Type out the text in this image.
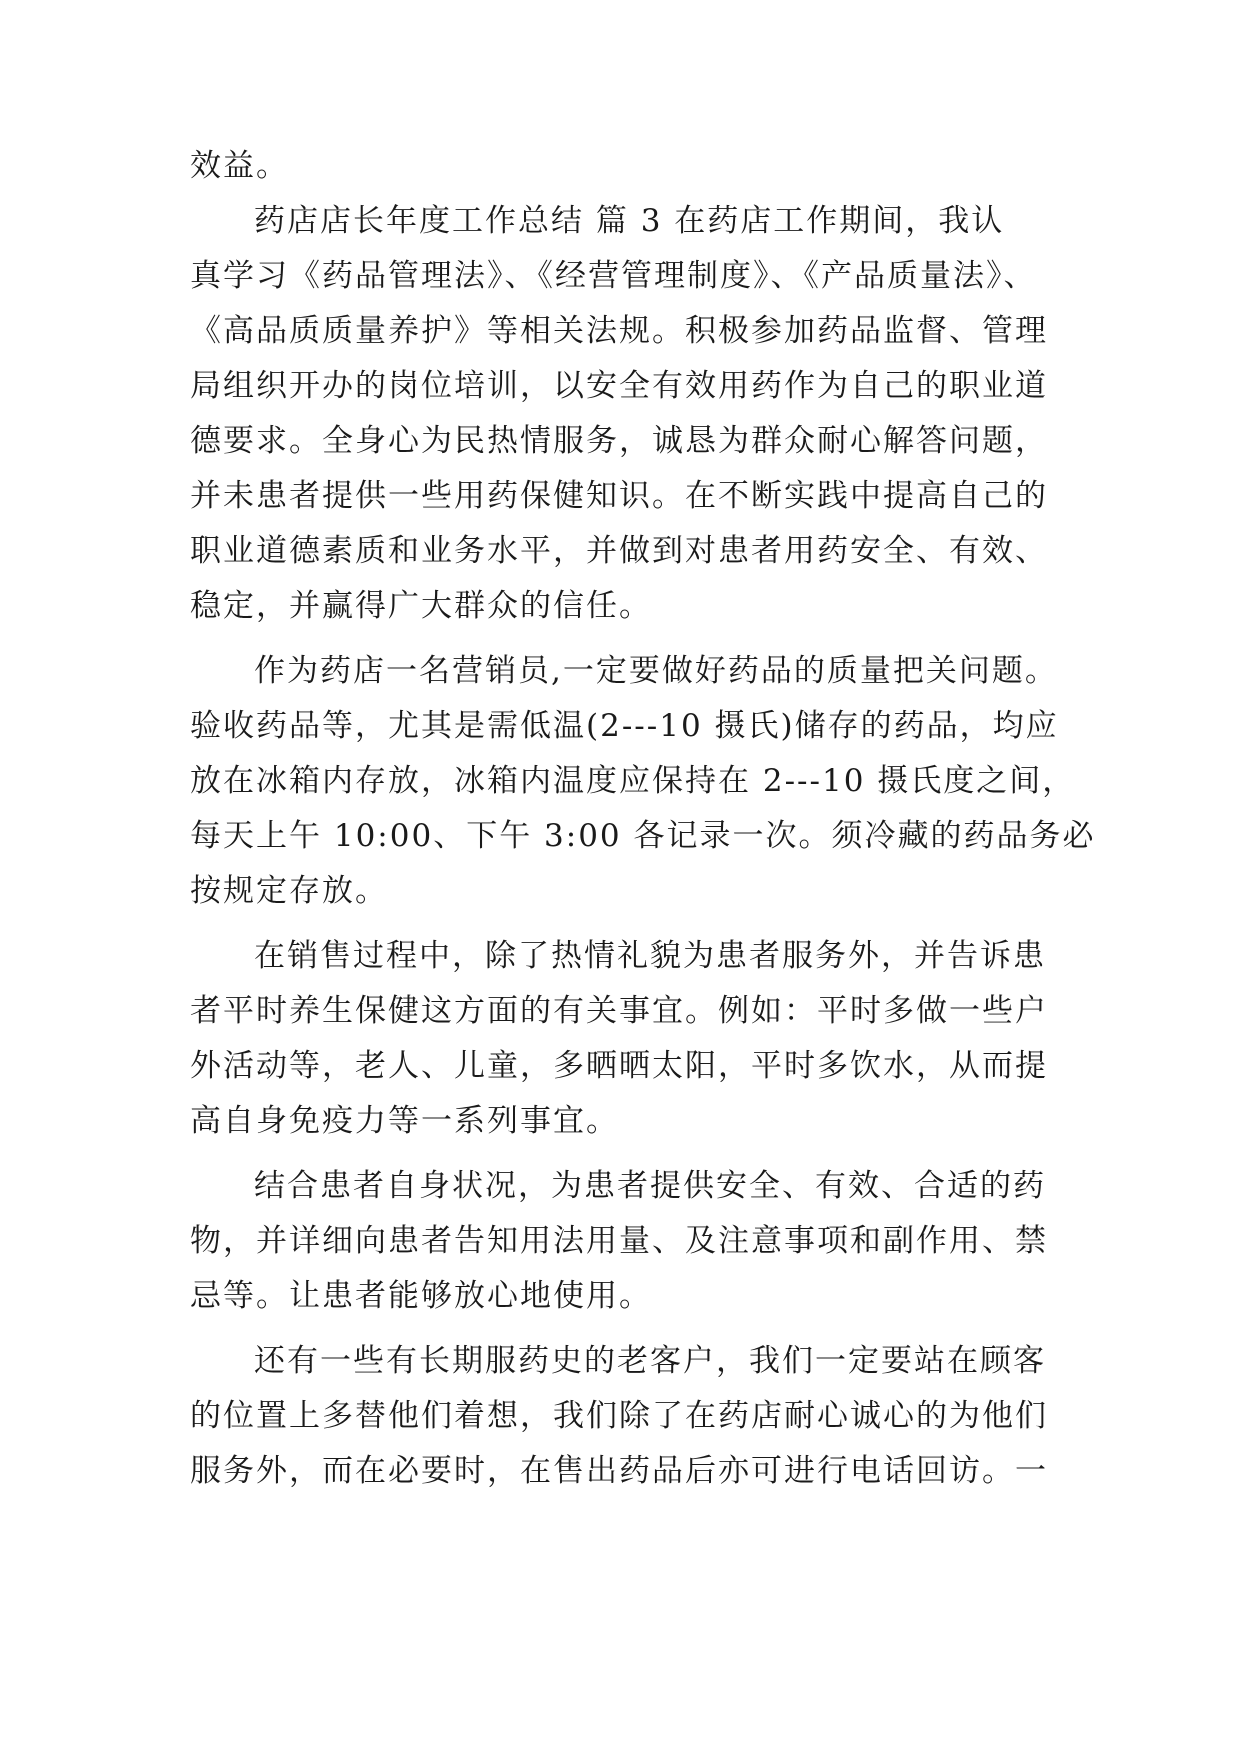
效益。

药店店长年度工作总结 篇 3 在药店工作期间，我认

真学习《药品管理法》、《经营管理制度》、《产品质量法》、

《高品质质量养护》等相关法规。积极参加药品监督、管理

局组织开办的岗位培训，以安全有效用药作为自己的职业道

德要求。全身心为民热情服务，诚恳为群众耐心解答问题，

并未患者提供一些用药保健知识。在不断实践中提高自己的

职业道德素质和业务水平，并做到对患者用药安全、有效、

稳定，并赢得广大群众的信任。

作为药店一名营销员,一定要做好药品的质量把关问题。

验收药品等，尤其是需低温(2---10 摄氏)储存的药品，均应

放在冰箱内存放，冰箱内温度应保持在 2---10 摄氏度之间，

每天上午 10:00、下午 3:00 各记录一次。须冷藏的药品务必

按规定存放。

在销售过程中，除了热情礼貌为患者服务外，并告诉患

者平时养生保健这方面的有关事宜。例如：平时多做一些户

外活动等，老人、儿童，多晒晒太阳，平时多饮水，从而提

高自身免疫力等一系列事宜。

结合患者自身状况，为患者提供安全、有效、合适的药

物，并详细向患者告知用法用量、及注意事项和副作用、禁

忌等。让患者能够放心地使用。

还有一些有长期服药史的老客户，我们一定要站在顾客

的位置上多替他们着想，我们除了在药店耐心诚心的为他们

服务外，而在必要时，在售出药品后亦可进行电话回访。一
